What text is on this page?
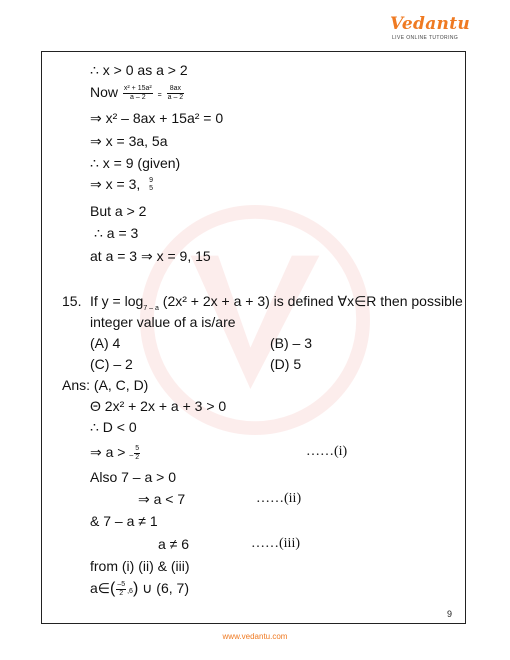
Vedantu
LIVE ONLINE TUTORING
∴ x > 0 as a > 2
Now $\frac{\text{x² + 15a²}}{a - 2} = \frac{8ax}{a - 2}$
⇒ x² – 8ax + 15a² = 0
⇒ x = 3a, 5a
∴ x = 9 (given)
⇒ x = 3, 9
5
But a > 2
∴ a = 3
at a = 3 ⇒ x = 9, 15
15. If $y = \log_{7 - a} (2x^2 + 2x + a + 3)$ is defined ∀x∈R then possible
integer value of a is/are
(A) 4	(B) – 3
(C) – 2	(D) 5
Ans: (A, C, D)
Θ 2x² + 2x + a + 3 > 0
∴ D < 0
⇒ a > – $\frac{5}{2}$	……(i)
Also 7 – a > 0
⇒ a < 7	……(ii)
& 7 – a ≠ 1
a ≠ 6	……(iii)
from (i) (ii) & (iii)
a∈( $\frac{-5}{2} ,6$) ∪ (6, 7)
9
www.vedantu.com
